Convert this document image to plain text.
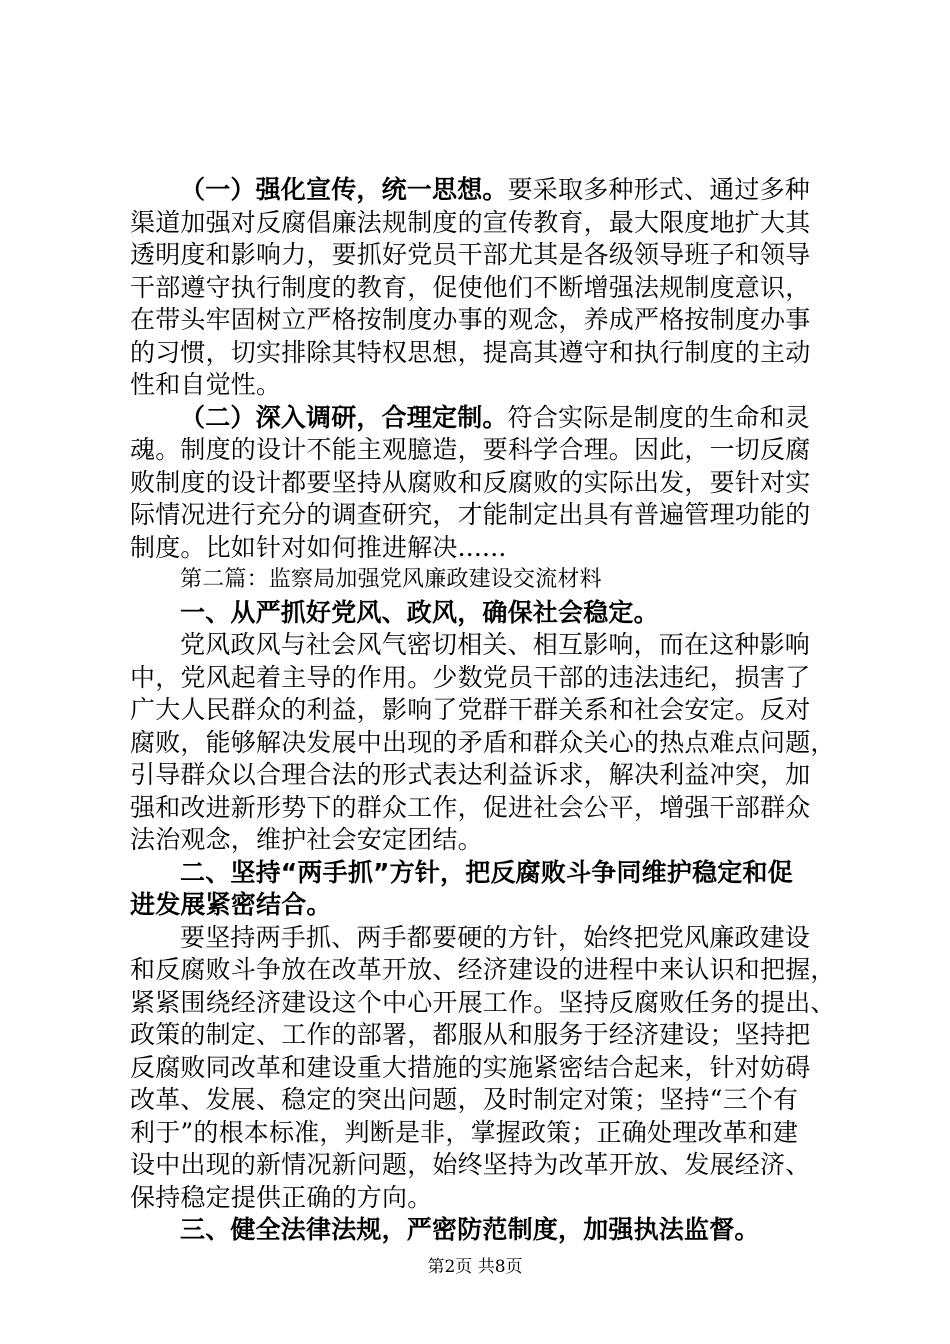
（一）强化宣传，统一思想。要采取多种形式、通过多种
渠道加强对反腐倡廉法规制度的宣传教育，最大限度地扩大其
透明度和影响力，要抓好党员干部尤其是各级领导班子和领导
干部遵守执行制度的教育，促使他们不断增强法规制度意识，
在带头牢固树立严格按制度办事的观念，养成严格按制度办事
的习惯，切实排除其特权思想，提高其遵守和执行制度的主动
性和自觉性。
（二）深入调研，合理定制。符合实际是制度的生命和灵
魂。制度的设计不能主观臆造，要科学合理。因此，一切反腐
败制度的设计都要坚持从腐败和反腐败的实际出发，要针对实
际情况进行充分的调查研究，才能制定出具有普遍管理功能的
制度。比如针对如何推进解决......
第二篇：监察局加强党风廉政建设交流材料
一、从严抓好党风、政风，确保社会稳定。
党风政风与社会风气密切相关、相互影响，而在这种影响
中，党风起着主导的作用。少数党员干部的违法违纪，损害了
广大人民群众的利益，影响了党群干群关系和社会安定。反对
腐败，能够解决发展中出现的矛盾和群众关心的热点难点问题，
引导群众以合理合法的形式表达利益诉求，解决利益冲突，加
强和改进新形势下的群众工作，促进社会公平，增强干部群众
法治观念，维护社会安定团结。
二、坚持“两手抓”方针，把反腐败斗争同维护稳定和促
进发展紧密结合。
要坚持两手抓、两手都要硬的方针，始终把党风廉政建设
和反腐败斗争放在改革开放、经济建设的进程中来认识和把握，
紧紧围绕经济建设这个中心开展工作。坚持反腐败任务的提出、
政策的制定、工作的部署，都服从和服务于经济建设；坚持把
反腐败同改革和建设重大措施的实施紧密结合起来，针对妨碍
改革、发展、稳定的突出问题，及时制定对策；坚持“三个有
利于”的根本标准，判断是非，掌握政策；正确处理改革和建
设中出现的新情况新问题，始终坚持为改革开放、发展经济、
保持稳定提供正确的方向。
三、健全法律法规，严密防范制度，加强执法监督。
第2页 共8页
